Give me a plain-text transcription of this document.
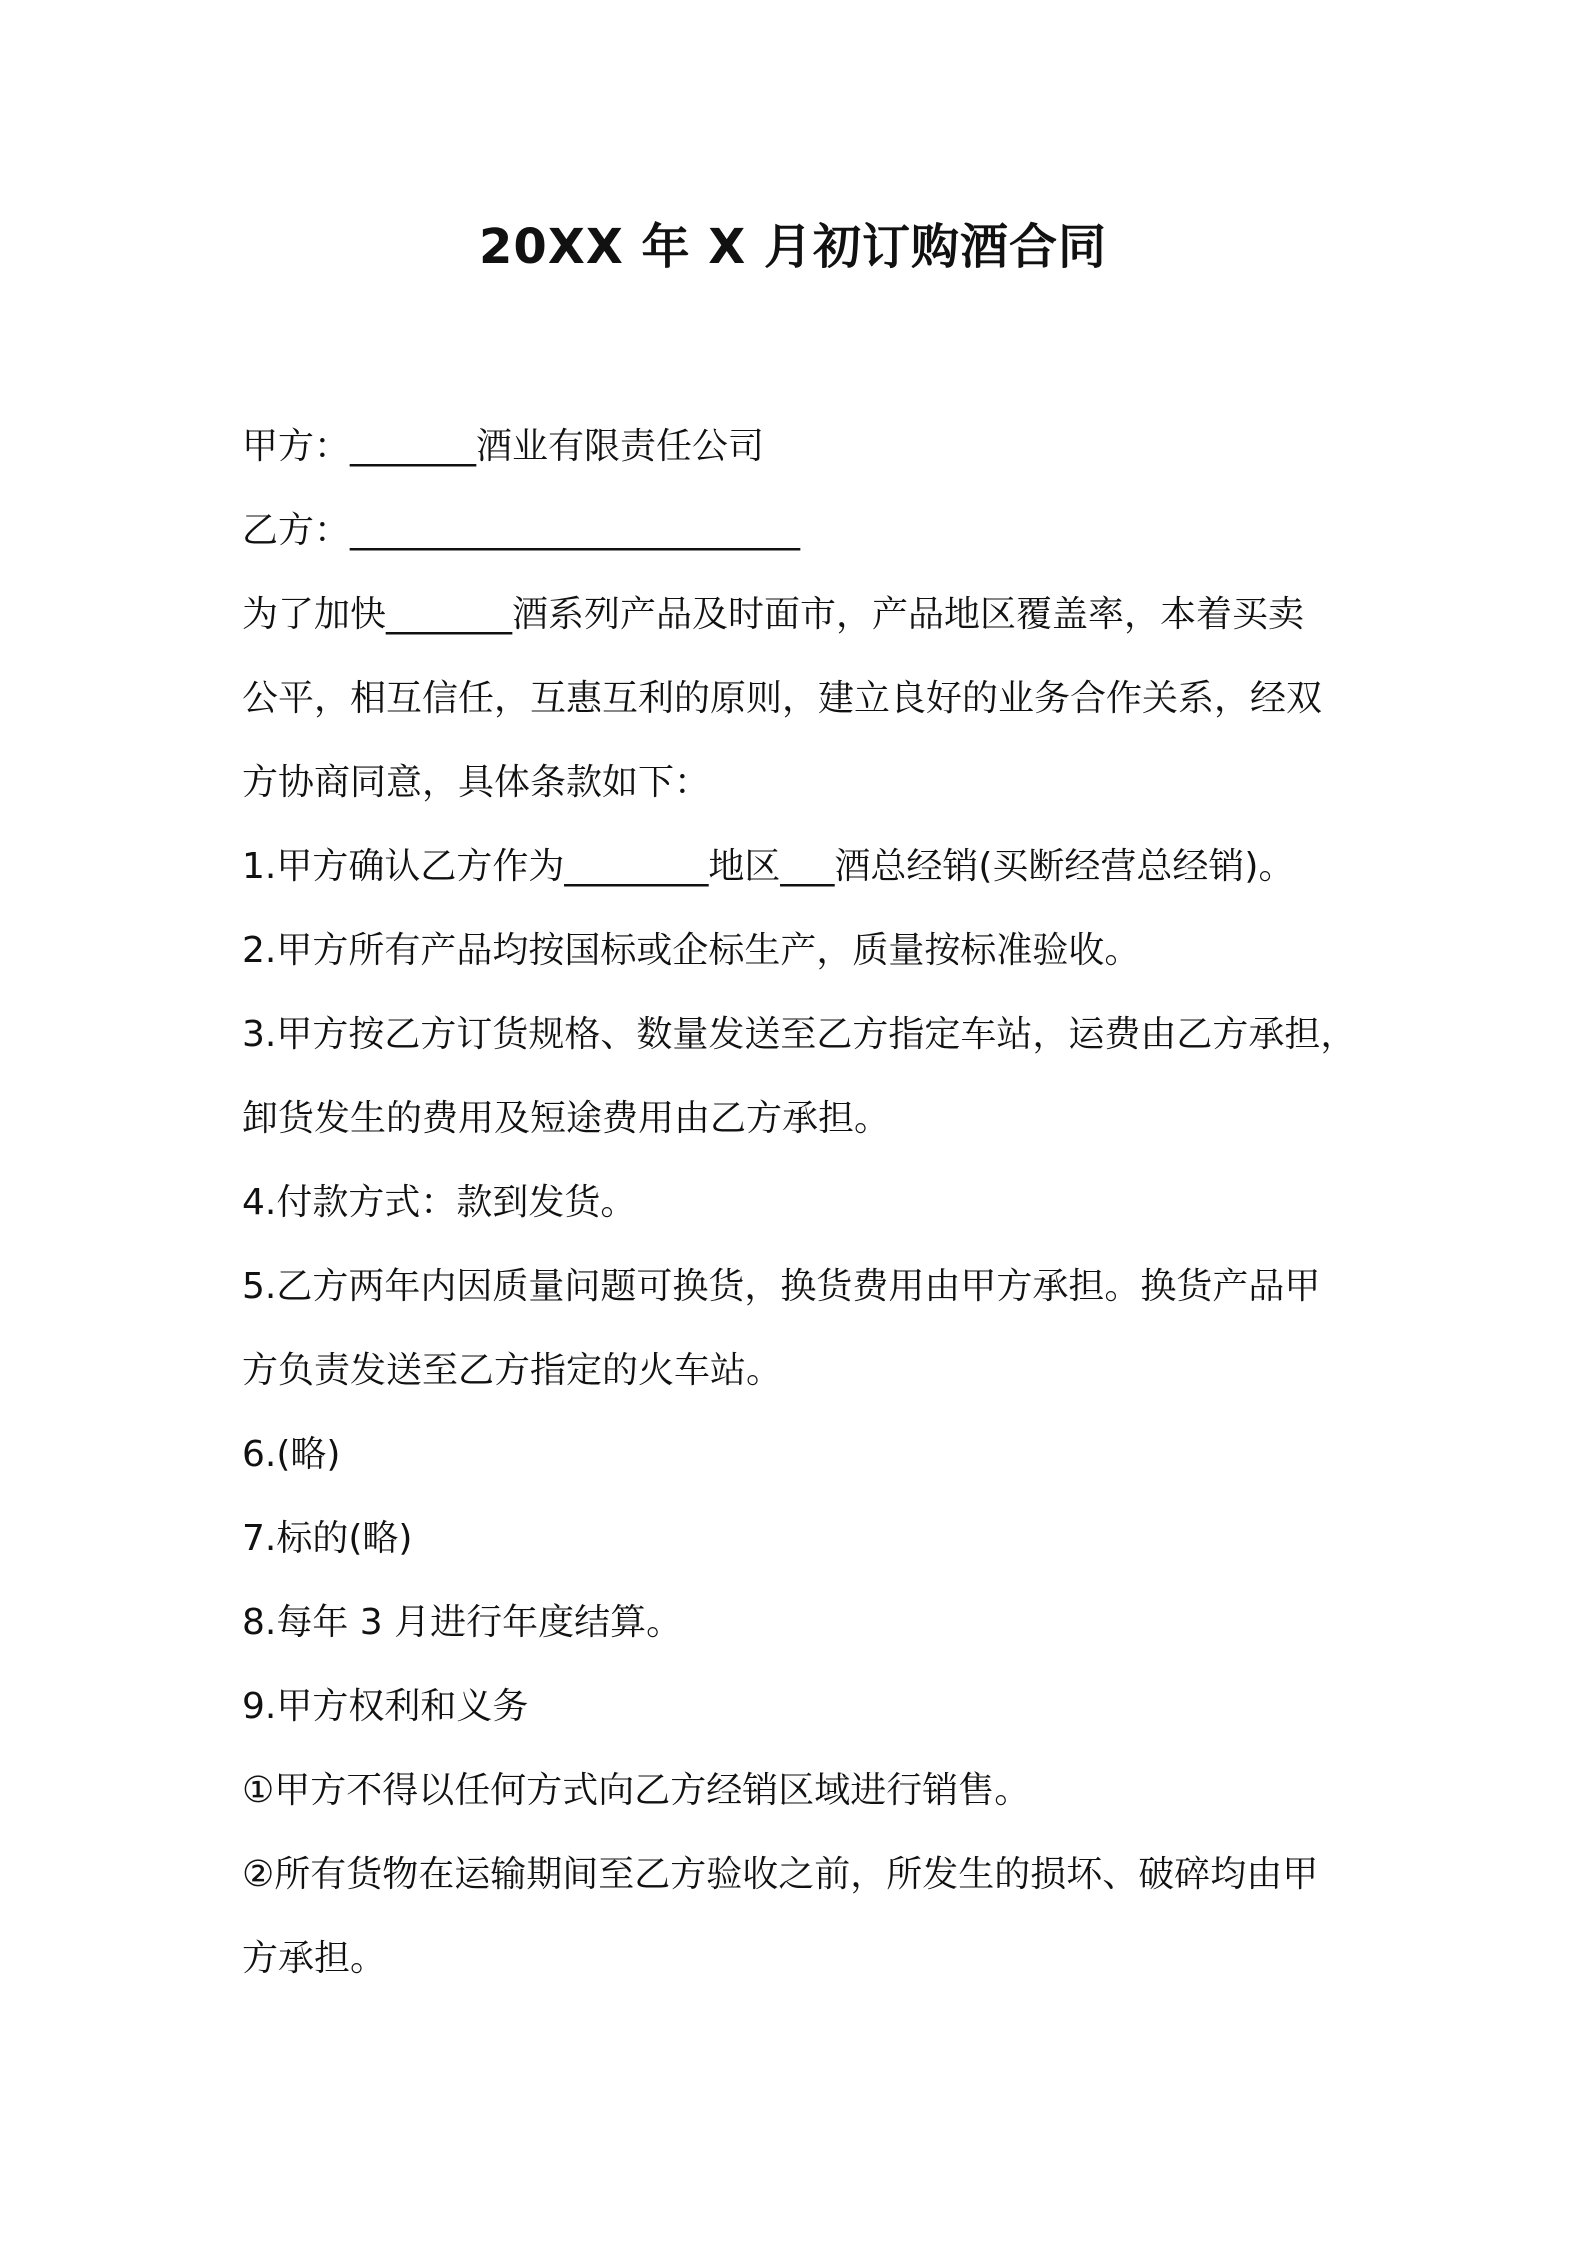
20XX 年 X 月初订购酒合同

甲方：_______酒业有限责任公司

乙方：_________________________

为了加快_______酒系列产品及时面市，产品地区覆盖率，本着买卖

公平，相互信任，互惠互利的原则，建立良好的业务合作关系，经双

方协商同意，具体条款如下：

1.甲方确认乙方作为________地区___酒总经销(买断经营总经销)。

2.甲方所有产品均按国标或企标生产，质量按标准验收。

3.甲方按乙方订货规格、数量发送至乙方指定车站，运费由乙方承担，

卸货发生的费用及短途费用由乙方承担。

4.付款方式：款到发货。

5.乙方两年内因质量问题可换货，换货费用由甲方承担。换货产品甲

方负责发送至乙方指定的火车站。

6.(略)

7.标的(略)

8.每年 3 月进行年度结算。

9.甲方权利和义务

①甲方不得以任何方式向乙方经销区域进行销售。

②所有货物在运输期间至乙方验收之前，所发生的损坏、破碎均由甲

方承担。
